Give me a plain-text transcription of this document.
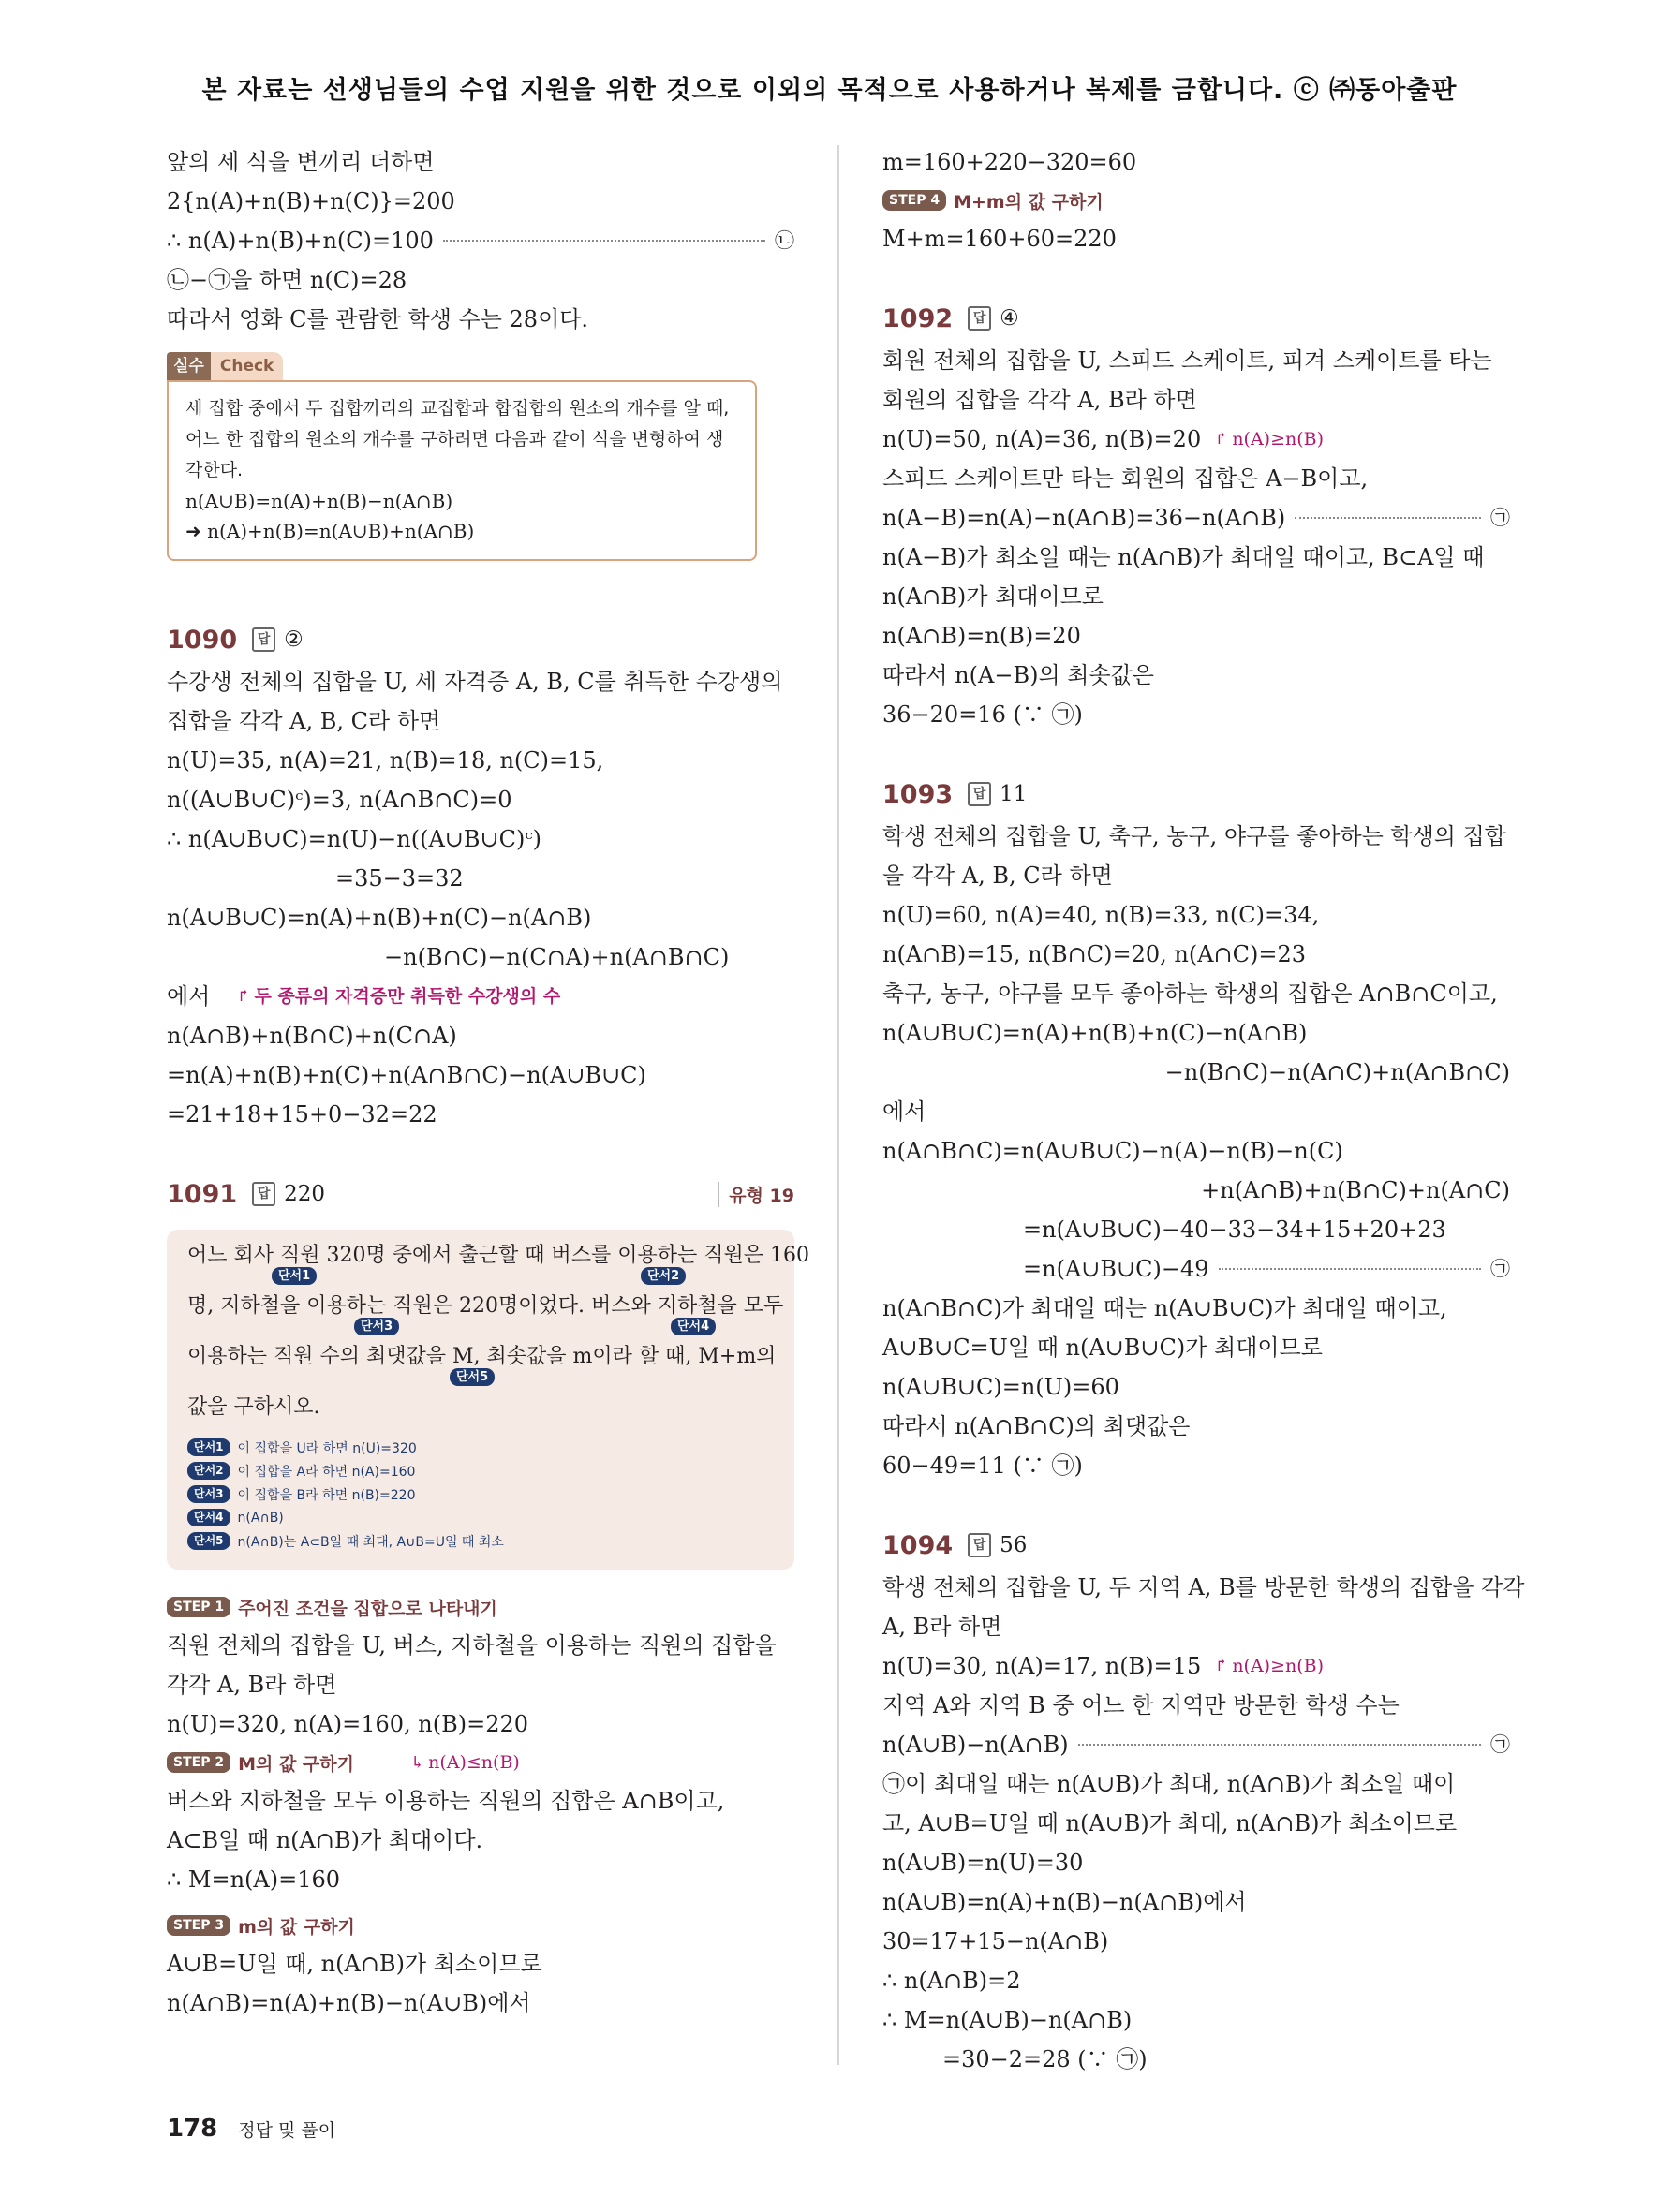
본 자료는 선생님들의 수업 지원을 위한 것으로 이외의 목적으로 사용하거나 복제를 금합니다. ⓒ ㈜동아출판
앞의 세 식을 변끼리 더하면
2{n(A)+n(B)+n(C)}=200
∴ n(A)+n(B)+n(C)=100	㉡
㉡−㉠을 하면 n(C)=28
따라서 영화 C를 관람한 학생 수는 28이다.
실수	Check
세 집합 중에서 두 집합끼리의 교집합과 합집합의 원소의 개수를 알 때,
어느 한 집합의 원소의 개수를 구하려면 다음과 같이 식을 변형하여 생
각한다.
n(A∪B)=n(A)+n(B)−n(A∩B)
➜ n(A)+n(B)=n(A∪B)+n(A∩B)
1090	답 ②
수강생 전체의 집합을 U, 세 자격증 A, B, C를 취득한 수강생의
집합을 각각 A, B, C라 하면
n(U)=35, n(A)=21, n(B)=18, n(C)=15,
n((A∪B∪C)ᶜ)=3, n(A∩B∩C)=0
∴ n(A∪B∪C)=n(U)−n((A∪B∪C)ᶜ)
=35−3=32
n(A∪B∪C)=n(A)+n(B)+n(C)−n(A∩B)
−n(B∩C)−n(C∩A)+n(A∩B∩C)
에서 ↱ 두 종류의 자격증만 취득한 수강생의 수
n(A∩B)+n(B∩C)+n(C∩A)
=n(A)+n(B)+n(C)+n(A∩B∩C)−n(A∪B∪C)
=21+18+15+0−32=22
1091	답 220	유형 19
어느 회사 직원 320명 중에서 출근할 때 버스를 이용하는 직원은 160
단서1	단서2
명, 지하철을 이용하는 직원은 220명이었다. 버스와 지하철을 모두
단서3	단서4
이용하는 직원 수의 최댓값을 M, 최솟값을 m이라 할 때, M+m의
단서5
값을 구하시오.
단서1	이 집합을 U라 하면 n(U)=320
단서2	이 집합을 A라 하면 n(A)=160
단서3	이 집합을 B라 하면 n(B)=220
단서4	n(A∩B)
단서5	n(A∩B)는 A⊂B일 때 최대, A∪B=U일 때 최소
STEP 1 주어진 조건을 집합으로 나타내기
직원 전체의 집합을 U, 버스, 지하철을 이용하는 직원의 집합을
각각 A, B라 하면
n(U)=320, n(A)=160, n(B)=220
STEP 2 M의 값 구하기	↳ n(A)≤n(B)
버스와 지하철을 모두 이용하는 직원의 집합은 A∩B이고,
A⊂B일 때 n(A∩B)가 최대이다.
∴ M=n(A)=160
STEP 3 m의 값 구하기
A∪B=U일 때, n(A∩B)가 최소이므로
n(A∩B)=n(A)+n(B)−n(A∪B)에서
m=160+220−320=60
STEP 4 M+m의 값 구하기
M+m=160+60=220
1092	답 ④
회원 전체의 집합을 U, 스피드 스케이트, 피겨 스케이트를 타는
회원의 집합을 각각 A, B라 하면
n(U)=50, n(A)=36, n(B)=20 ↱ n(A)≥n(B)
스피드 스케이트만 타는 회원의 집합은 A−B이고,
n(A−B)=n(A)−n(A∩B)=36−n(A∩B)	㉠
n(A−B)가 최소일 때는 n(A∩B)가 최대일 때이고, B⊂A일 때
n(A∩B)가 최대이므로
n(A∩B)=n(B)=20
따라서 n(A−B)의 최솟값은
36−20=16 (∵ ㉠)
1093	답 11
학생 전체의 집합을 U, 축구, 농구, 야구를 좋아하는 학생의 집합
을 각각 A, B, C라 하면
n(U)=60, n(A)=40, n(B)=33, n(C)=34,
n(A∩B)=15, n(B∩C)=20, n(A∩C)=23
축구, 농구, 야구를 모두 좋아하는 학생의 집합은 A∩B∩C이고,
n(A∪B∪C)=n(A)+n(B)+n(C)−n(A∩B)
−n(B∩C)−n(A∩C)+n(A∩B∩C)
에서
n(A∩B∩C)=n(A∪B∪C)−n(A)−n(B)−n(C)
+n(A∩B)+n(B∩C)+n(A∩C)
=n(A∪B∪C)−40−33−34+15+20+23
=n(A∪B∪C)−49	㉠
n(A∩B∩C)가 최대일 때는 n(A∪B∪C)가 최대일 때이고,
A∪B∪C=U일 때 n(A∪B∪C)가 최대이므로
n(A∪B∪C)=n(U)=60
따라서 n(A∩B∩C)의 최댓값은
60−49=11 (∵ ㉠)
1094	답 56
학생 전체의 집합을 U, 두 지역 A, B를 방문한 학생의 집합을 각각
A, B라 하면
n(U)=30, n(A)=17, n(B)=15 ↱ n(A)≥n(B)
지역 A와 지역 B 중 어느 한 지역만 방문한 학생 수는
n(A∪B)−n(A∩B)	㉠
㉠이 최대일 때는 n(A∪B)가 최대, n(A∩B)가 최소일 때이
고, A∪B=U일 때 n(A∪B)가 최대, n(A∩B)가 최소이므로
n(A∪B)=n(U)=30
n(A∪B)=n(A)+n(B)−n(A∩B)에서
30=17+15−n(A∩B)
∴ n(A∩B)=2
∴ M=n(A∪B)−n(A∩B)
=30−2=28 (∵ ㉠)
178 정답 및 풀이
